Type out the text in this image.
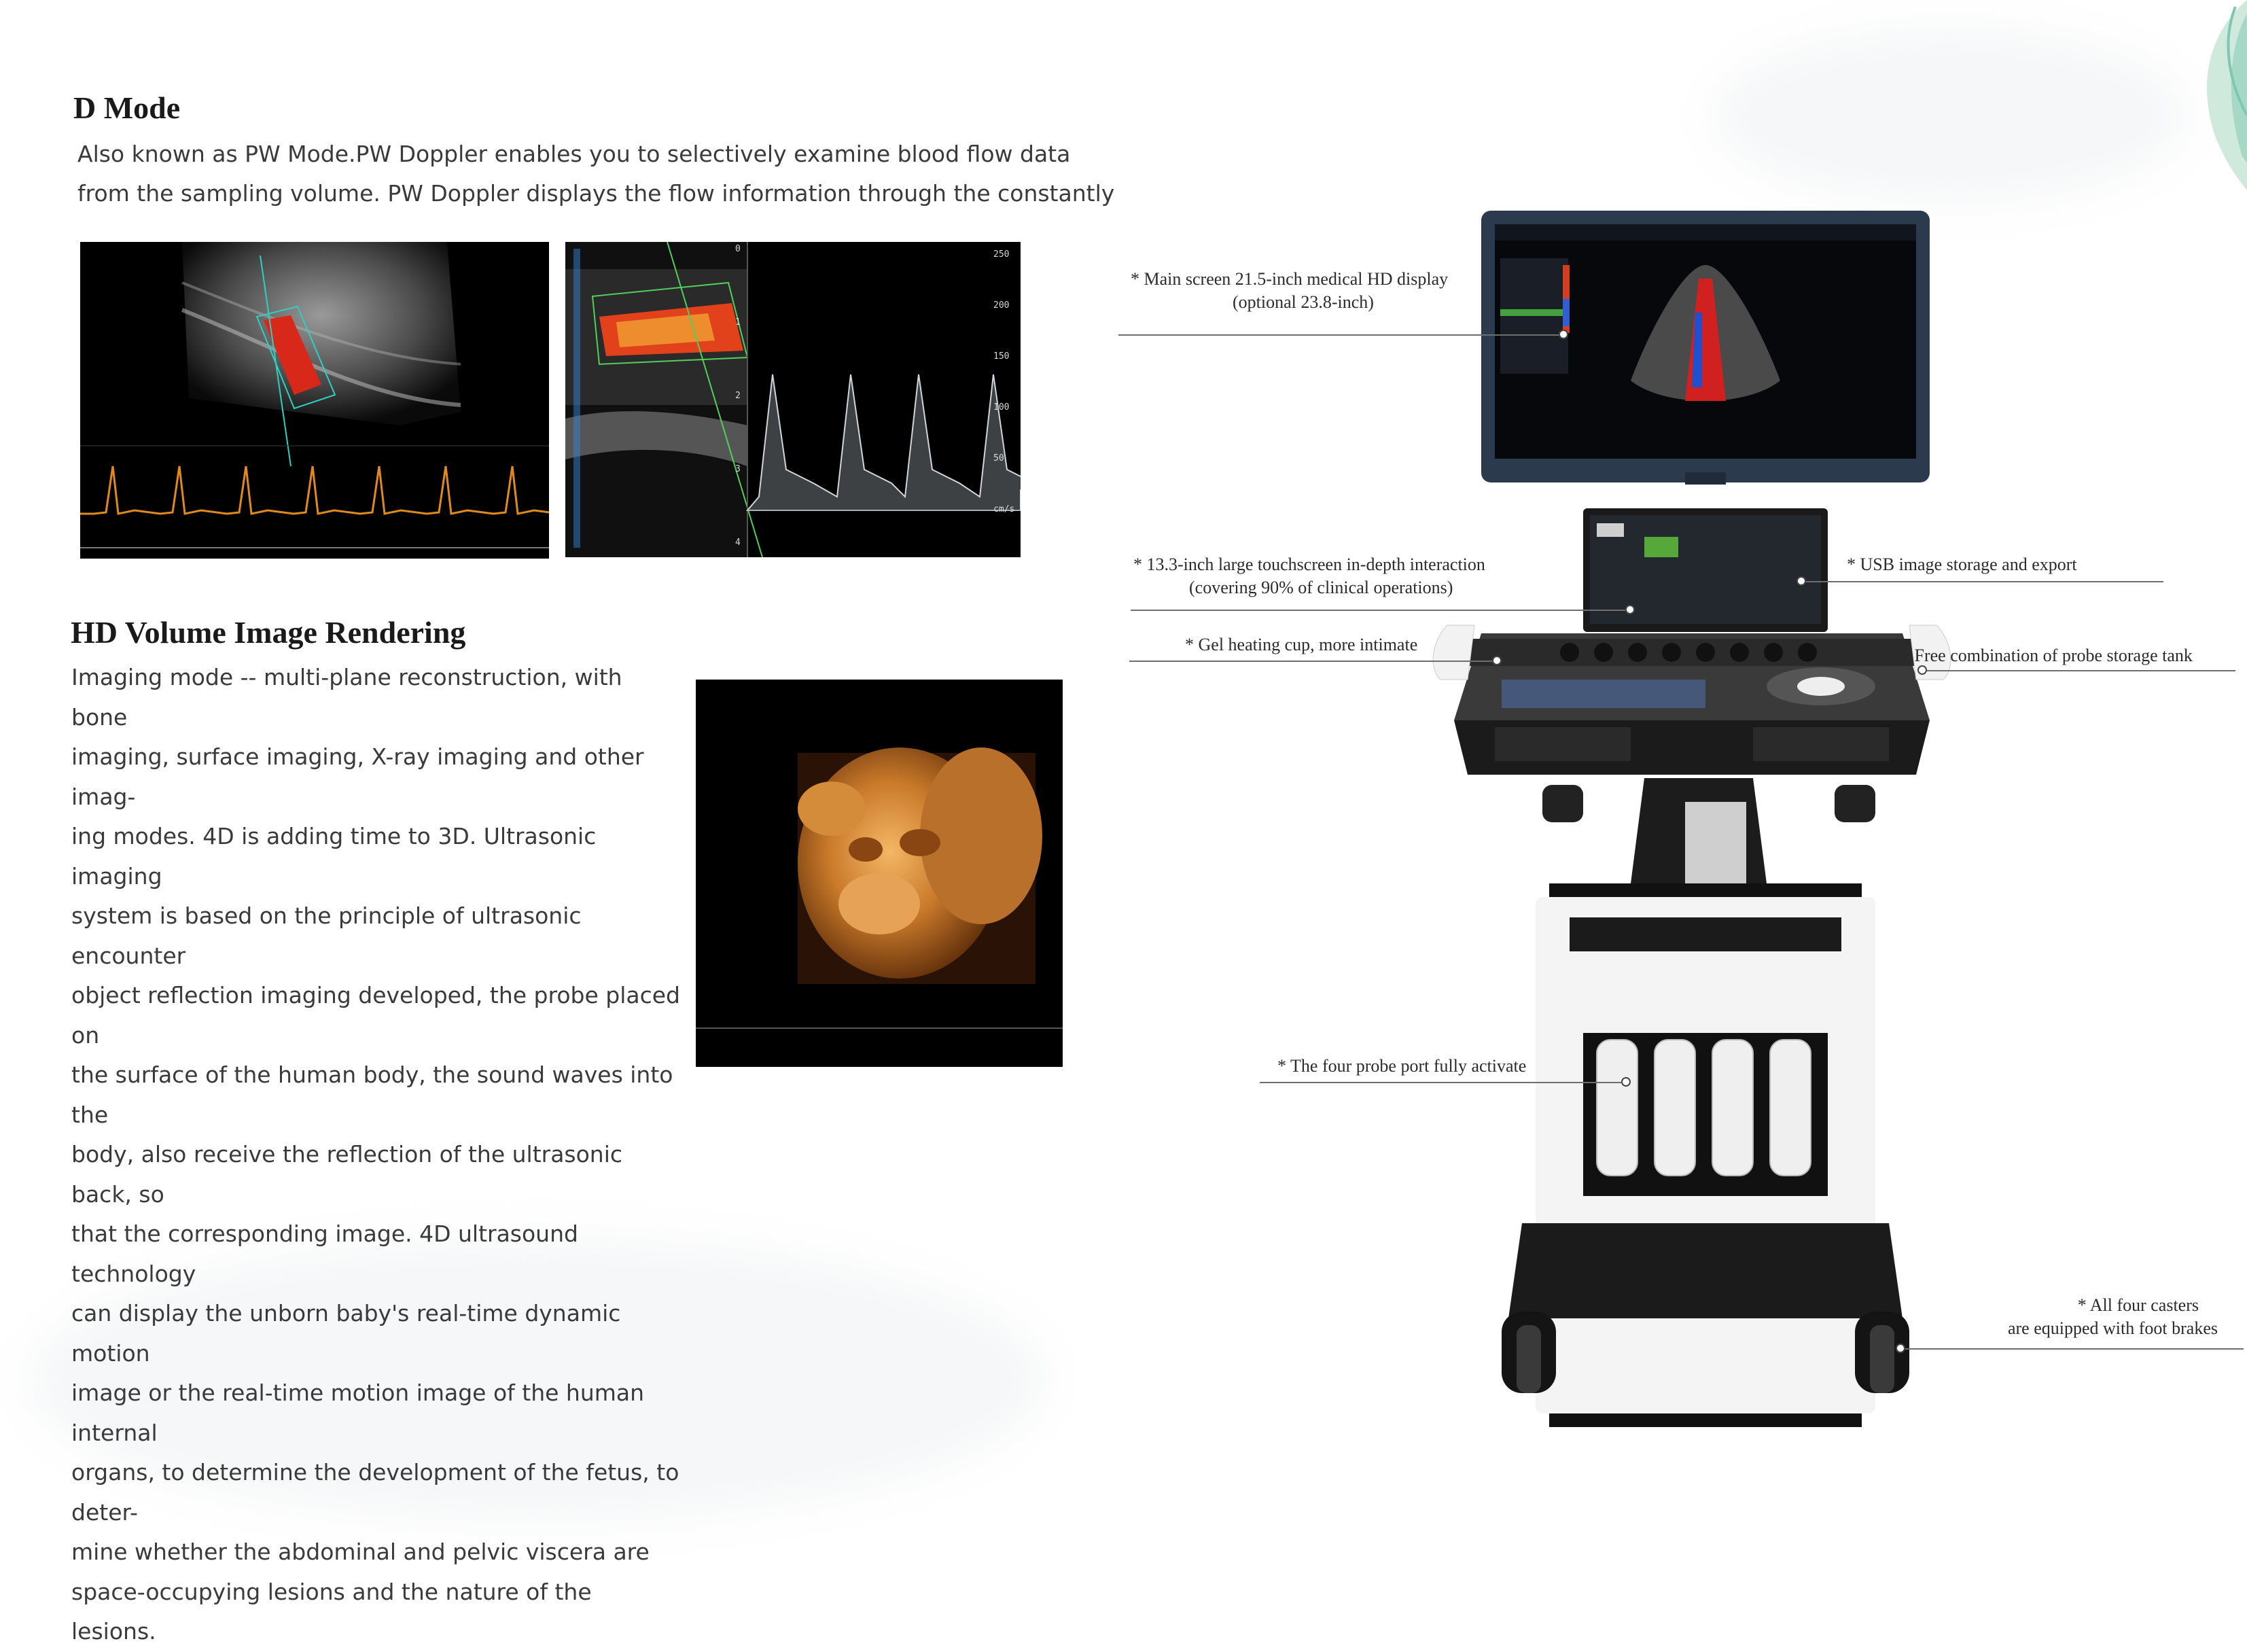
D Mode

Also known as PW Mode.PW Doppler enables you to selectively examine blood flow data

from the sampling volume. PW Doppler displays the flow information through the constantly

0
1
2
3
4
250
200
150
100
50
cm/s
HD Volume Image Rendering

Imaging mode -- multi-plane reconstruction, with bone

imaging, surface imaging, X-ray imaging and other imag-

ing modes. 4D is adding time to 3D. Ultrasonic imaging

system is based on the principle of ultrasonic encounter

object reflection imaging developed, the probe placed on

the surface of the human body, the sound waves into the

body, also receive the reflection of the ultrasonic back, so

that the corresponding image. 4D ultrasound technology

can display the unborn baby's real-time dynamic motion

image or the real-time motion image of the human internal

organs, to determine the development of the fetus, to deter-

mine whether the abdominal and pelvic viscera are

space-occupying lesions and the nature of the lesions.

* Main screen 21.5-inch medical HD display
(optional 23.8-inch)
* 13.3-inch large touchscreen in-depth interaction
(covering 90% of clinical operations)
* USB image storage and export
* Gel heating cup, more intimate
* Free combination of probe storage tank
* The four probe port fully activate
* All four casters
are equipped with foot brakes
